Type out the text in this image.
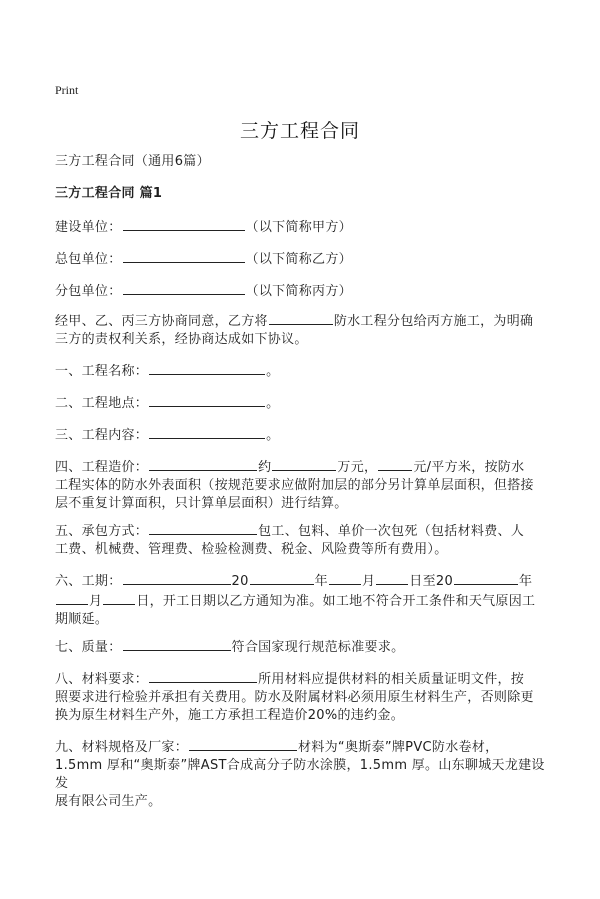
Print
三方工程合同

三方工程合同（通用6篇）

三方工程合同 篇1

建设单位：	（以下简称甲方）

总包单位：	（以下简称乙方）

分包单位：	（以下简称丙方）

经甲、乙、丙三方协商同意，乙方将	防水工程分包给丙方施工，为明确
三方的责权利关系，经协商达成如下协议。

一、工程名称：	。

二、工程地点：	。

三、工程内容：	。

四、工程造价：	约	万元，	元/平方米，按防水
工程实体的防水外表面积（按规范要求应做附加层的部分另计算单层面积，但搭接
层不重复计算面积，只计算单层面积）进行结算。

五、承包方式：	包工、包料、单价一次包死（包括材料费、人
工费、机械费、管理费、检验检测费、税金、风险费等所有费用）。

六、工期：	20	年	月	日至20	年
月	日，开工日期以乙方通知为准。如工地不符合开工条件和天气原因工
期顺延。

七、质量：	符合国家现行规范标准要求。

八、材料要求：	所用材料应提供材料的相关质量证明文件，按
照要求进行检验并承担有关费用。防水及附属材料必须用原生材料生产，否则除更
换为原生材料生产外，施工方承担工程造价20%的违约金。

九、材料规格及厂家：	材料为“奥斯泰”牌PVC防水卷材，
1.5mm 厚和“奥斯泰”牌AST合成高分子防水涂膜，1.5mm 厚。山东聊城天龙建设发
展有限公司生产。
